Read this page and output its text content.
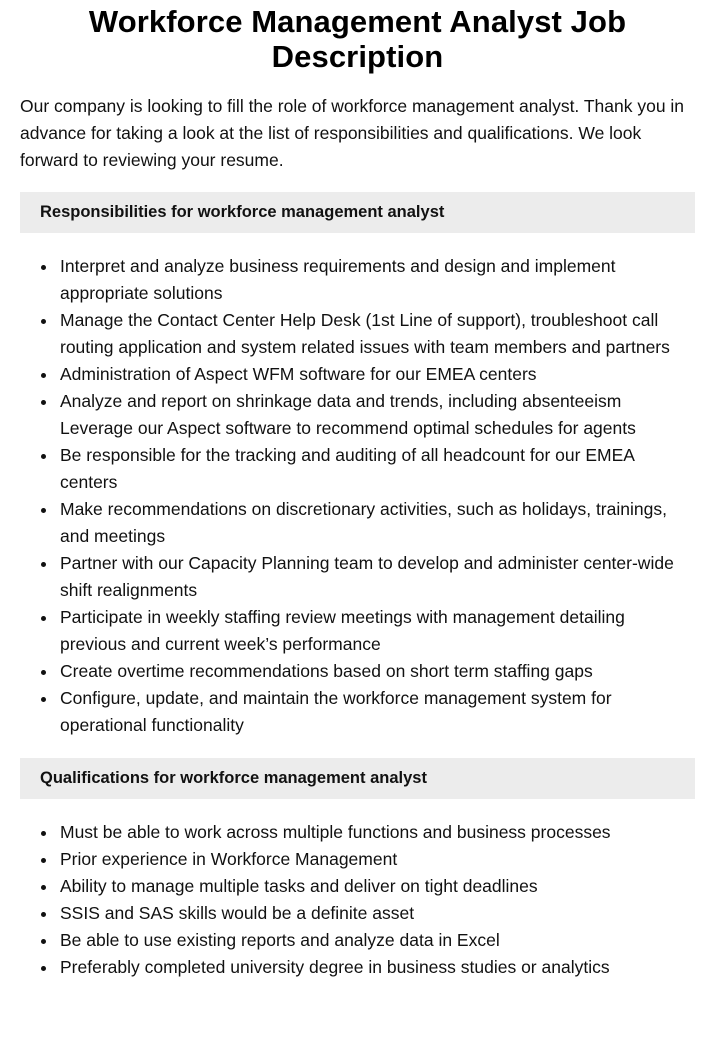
Workforce Management Analyst Job Description

Our company is looking to fill the role of workforce management analyst. Thank you in advance for taking a look at the list of responsibilities and qualifications. We look forward to reviewing your resume.

Responsibilities for workforce management analyst
Interpret and analyze business requirements and design and implement appropriate solutions
Manage the Contact Center Help Desk (1st Line of support), troubleshoot call routing application and system related issues with team members and partners
Administration of Aspect WFM software for our EMEA centers
Analyze and report on shrinkage data and trends, including absenteeism Leverage our Aspect software to recommend optimal schedules for agents
Be responsible for the tracking and auditing of all headcount for our EMEA centers
Make recommendations on discretionary activities, such as holidays, trainings, and meetings
Partner with our Capacity Planning team to develop and administer center-wide shift realignments
Participate in weekly staffing review meetings with management detailing previous and current week’s performance
Create overtime recommendations based on short term staffing gaps
Configure, update, and maintain the workforce management system for operational functionality
Qualifications for workforce management analyst
Must be able to work across multiple functions and business processes
Prior experience in Workforce Management
Ability to manage multiple tasks and deliver on tight deadlines
SSIS and SAS skills would be a definite asset
Be able to use existing reports and analyze data in Excel
Preferably completed university degree in business studies or analytics
